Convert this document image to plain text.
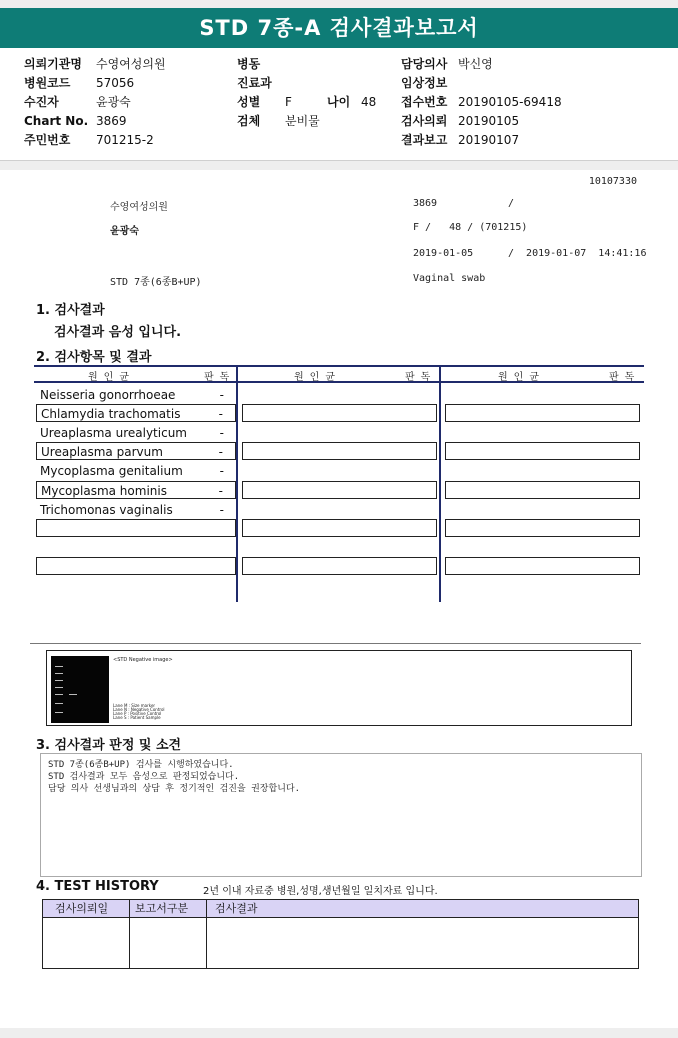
STD 7종-A 검사결과보고서
의뢰기관명 수영여성의원
병원코드 57056
수진자	윤광숙
Chart No. 3869
주민번호 701215-2
병동
진료과
성별 F	나이 48
검체 분비물
담당의사 박신영
임상정보
접수번호 20190105-69418
검사의뢰 20190105
결과보고 20190107
10107330
수영여성의원	3869	/
윤광숙	F /   48 / (701215)
2019-01-05	/  2019-01-07  14:41:16
STD 7종(6종B+UP)	Vaginal swab
1. 검사결과
검사결과 음성 입니다.
2. 검사항목 및 결과
원인균	판독	원인균	판독	원인균	판독
Neisseria gonorrhoeae	-
Chlamydia trachomatis	-
Ureaplasma urealyticum	-
Ureaplasma parvum	-
Mycoplasma genitalium	-
Mycoplasma hominis	-
Trichomonas vaginalis	-
<STD Negative image>
Lane M : Size marker
Lane N : Negative Control
Lane P : Positive Control
Lane S : Patient Sample
3. 검사결과 판정 및 소견
STD 7종(6종B+UP) 검사를 시행하였습니다.
STD 검사결과 모두 음성으로 판정되었습니다.
담당 의사 선생님과의 상담 후 정기적인 검진을 권장합니다.
4. TEST HISTORY	2년 이내 자료중 병원,성명,생년월일 일치자료 입니다.
검사의뢰일 보고서구분 검사결과
